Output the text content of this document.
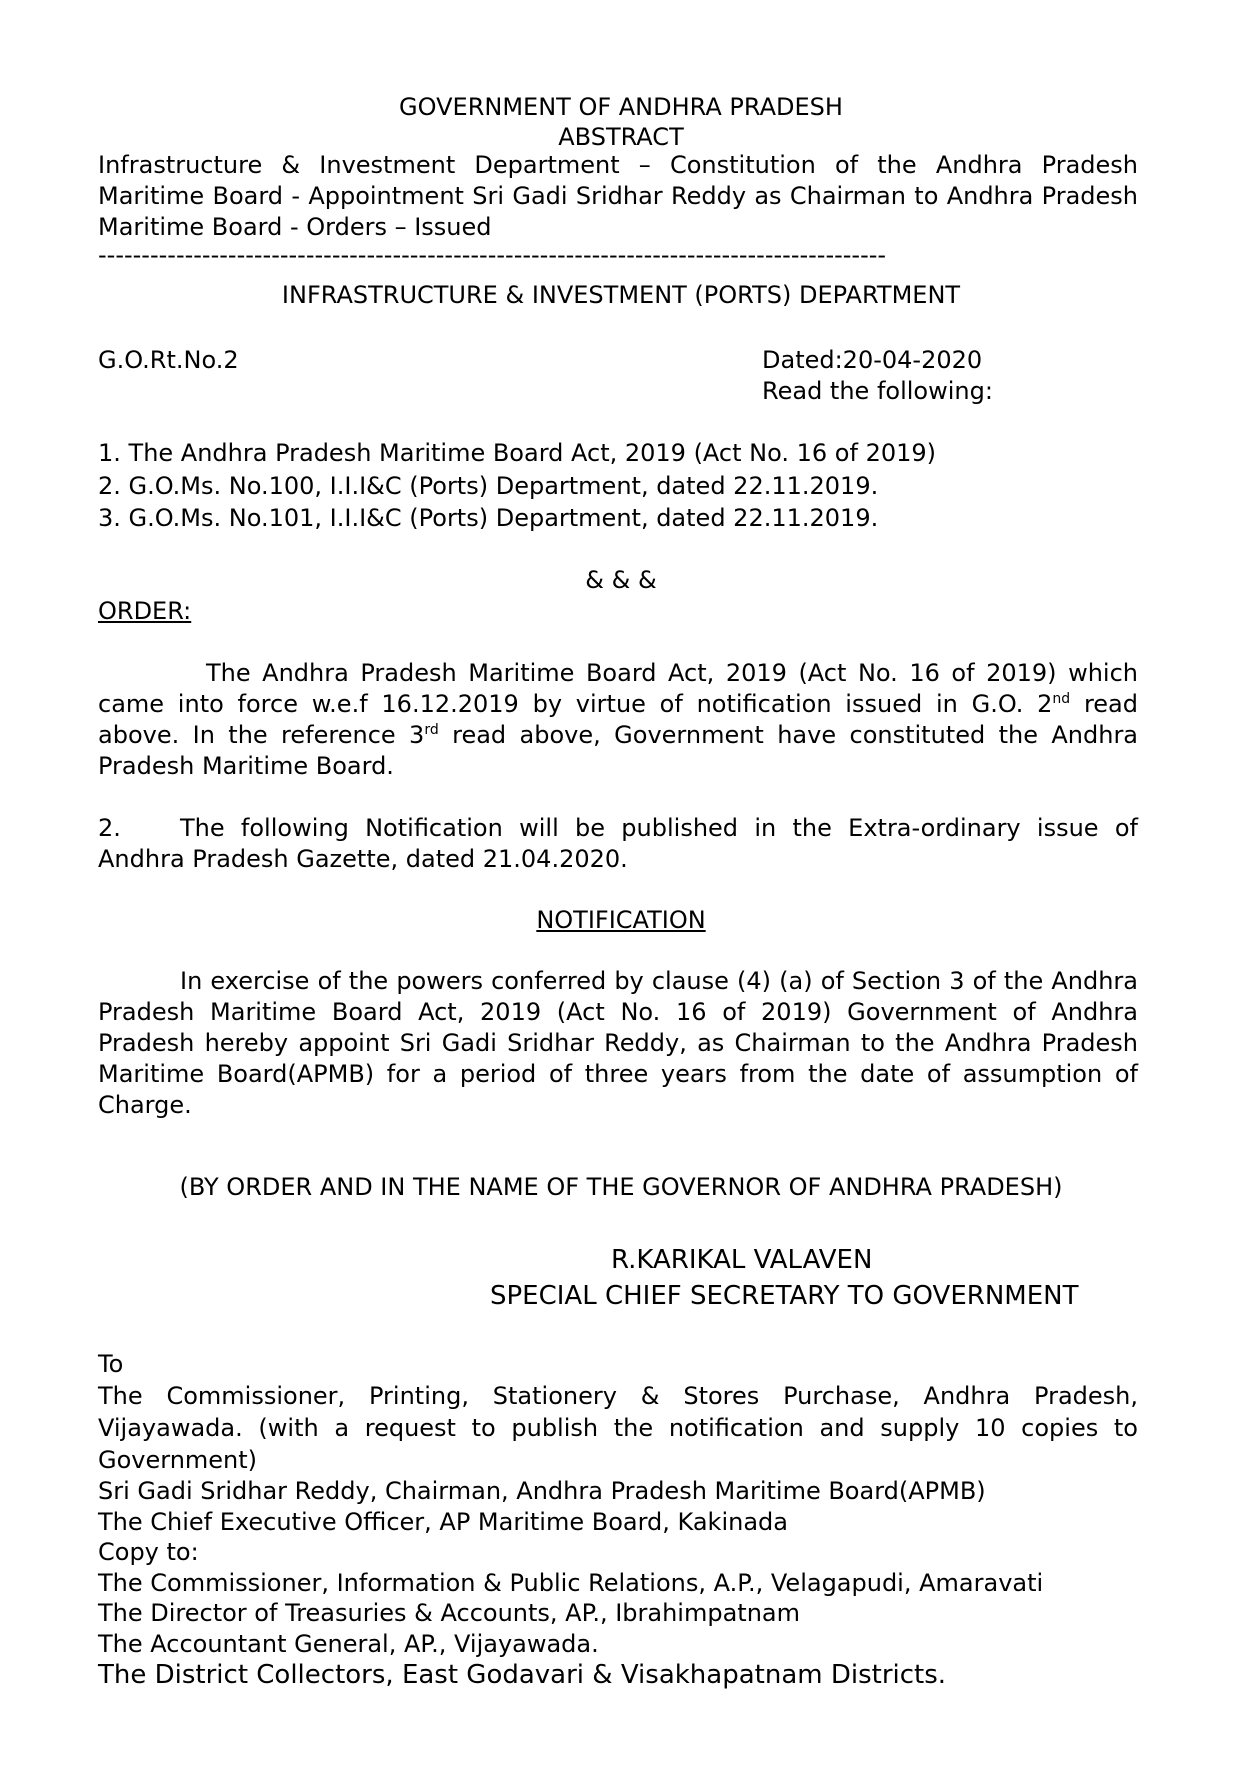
GOVERNMENT OF ANDHRA PRADESH
ABSTRACT
Infrastructure & Investment Department – Constitution of the Andhra Pradesh Maritime Board - Appointment Sri Gadi Sridhar Reddy as Chairman to Andhra Pradesh Maritime Board - Orders – Issued
-------------------------------------------------------------------------------------------
INFRASTRUCTURE & INVESTMENT (PORTS) DEPARTMENT
G.O.Rt.No.2	Dated:20-04-2020
Read the following:
1. The Andhra Pradesh Maritime Board Act, 2019 (Act No. 16 of 2019)
2. G.O.Ms. No.100, I.I.I&C (Ports) Department, dated 22.11.2019.
3. G.O.Ms. No.101, I.I.I&C (Ports) Department, dated 22.11.2019.
& & &
ORDER:
The Andhra Pradesh Maritime Board Act, 2019 (Act No. 16 of 2019) which came into force w.e.f 16.12.2019 by virtue of notification issued in G.O. 2nd read above. In the reference 3rd read above, Government have constituted the Andhra Pradesh Maritime Board.
2.	The following Notification will be published in the Extra-ordinary issue of Andhra Pradesh Gazette, dated 21.04.2020.
NOTIFICATION
In exercise of the powers conferred by clause (4) (a) of Section 3 of the Andhra Pradesh Maritime Board Act, 2019 (Act No. 16 of 2019) Government of Andhra Pradesh hereby appoint Sri Gadi Sridhar Reddy, as Chairman to the Andhra Pradesh Maritime Board(APMB) for a period of three years from the date of assumption of Charge.
(BY ORDER AND IN THE NAME OF THE GOVERNOR OF ANDHRA PRADESH)
R.KARIKAL VALAVEN
SPECIAL CHIEF SECRETARY TO GOVERNMENT
To
The Commissioner, Printing, Stationery & Stores Purchase, Andhra Pradesh, Vijayawada. (with a request to publish the notification and supply 10 copies to Government)
Sri Gadi Sridhar Reddy, Chairman, Andhra Pradesh Maritime Board(APMB)
The Chief Executive Officer, AP Maritime Board, Kakinada
Copy to:
The Commissioner, Information & Public Relations, A.P., Velagapudi, Amaravati
The Director of Treasuries & Accounts, AP., Ibrahimpatnam
The Accountant General, AP., Vijayawada.
The District Collectors, East Godavari & Visakhapatnam Districts.
